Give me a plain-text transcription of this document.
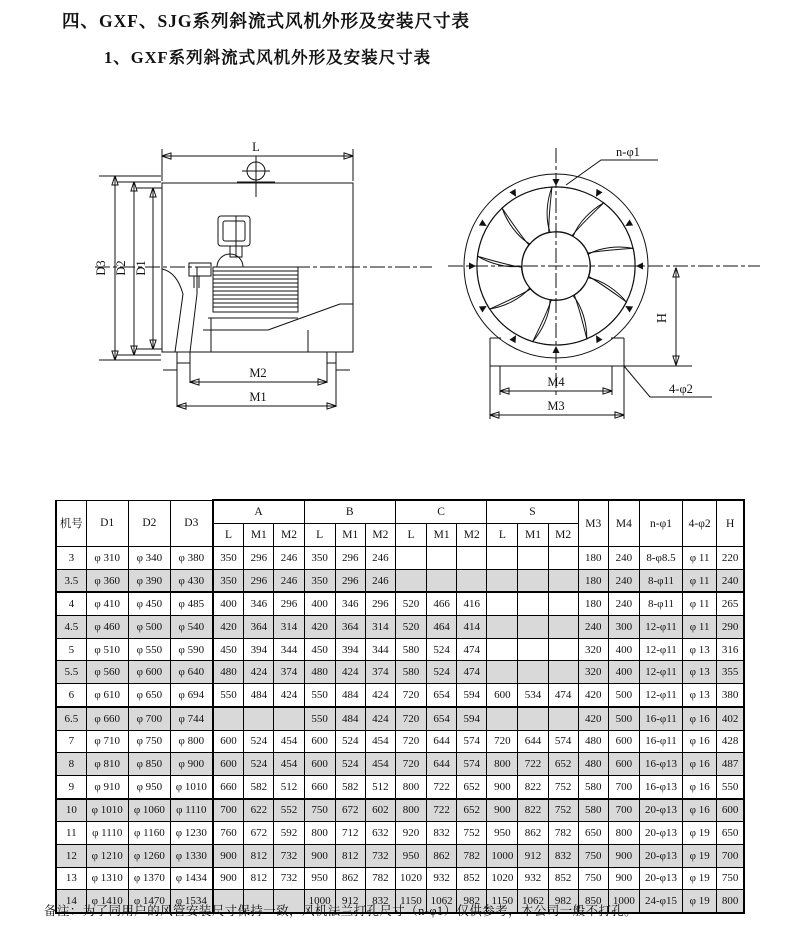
四、GXF、SJG系列斜流式风机外形及安装尺寸表
1、GXF系列斜流式风机外形及安装尺寸表
L
D3 D2 D1
M2
M1
n-φ1
H
M4
M3
4-φ2
机号	D1	D2	D3	A			B			C			S			M3	M4	n-φ1	4-φ2	H
				L	M1	M2	L	M1	M2	L	M1	M2	L	M1	M2					
3	φ 310	φ 340	φ 380	350	296	246	350	296	246							180	240	8-φ8.5	φ 11	220
3.5	φ 360	φ 390	φ 430	350	296	246	350	296	246							180	240	8-φ11	φ 11	240
4	φ 410	φ 450	φ 485	400	346	296	400	346	296	520	466	416				180	240	8-φ11	φ 11	265
4.5	φ 460	φ 500	φ 540	420	364	314	420	364	314	520	464	414				240	300	12-φ11	φ 11	290
5	φ 510	φ 550	φ 590	450	394	344	450	394	344	580	524	474				320	400	12-φ11	φ 13	316
5.5	φ 560	φ 600	φ 640	480	424	374	480	424	374	580	524	474				320	400	12-φ11	φ 13	355
6	φ 610	φ 650	φ 694	550	484	424	550	484	424	720	654	594	600	534	474	420	500	12-φ11	φ 13	380
6.5	φ 660	φ 700	φ 744				550	484	424	720	654	594				420	500	16-φ11	φ 16	402
7	φ 710	φ 750	φ 800	600	524	454	600	524	454	720	644	574	720	644	574	480	600	16-φ11	φ 16	428
8	φ 810	φ 850	φ 900	600	524	454	600	524	454	720	644	574	800	722	652	480	600	16-φ13	φ 16	487
9	φ 910	φ 950	φ 1010	660	582	512	660	582	512	800	722	652	900	822	752	580	700	16-φ13	φ 16	550
10	φ 1010	φ 1060	φ 1110	700	622	552	750	672	602	800	722	652	900	822	752	580	700	20-φ13	φ 16	600
11	φ 1110	φ 1160	φ 1230	760	672	592	800	712	632	920	832	752	950	862	782	650	800	20-φ13	φ 19	650
12	φ 1210	φ 1260	φ 1330	900	812	732	900	812	732	950	862	782	1000	912	832	750	900	20-φ13	φ 19	700
13	φ 1310	φ 1370	φ 1434	900	812	732	950	862	782	1020	932	852	1020	932	852	750	900	20-φ13	φ 19	750
14	φ 1410	φ 1470	φ 1534				1000	912	832	1150	1062	982	1150	1062	982	850	1000	24-φ15	φ 19	800
备注：为了同用户的风管安装尺寸保持一致，风机法兰打孔尺寸（n-φ1）仅供参考，本公司一般不打孔。
